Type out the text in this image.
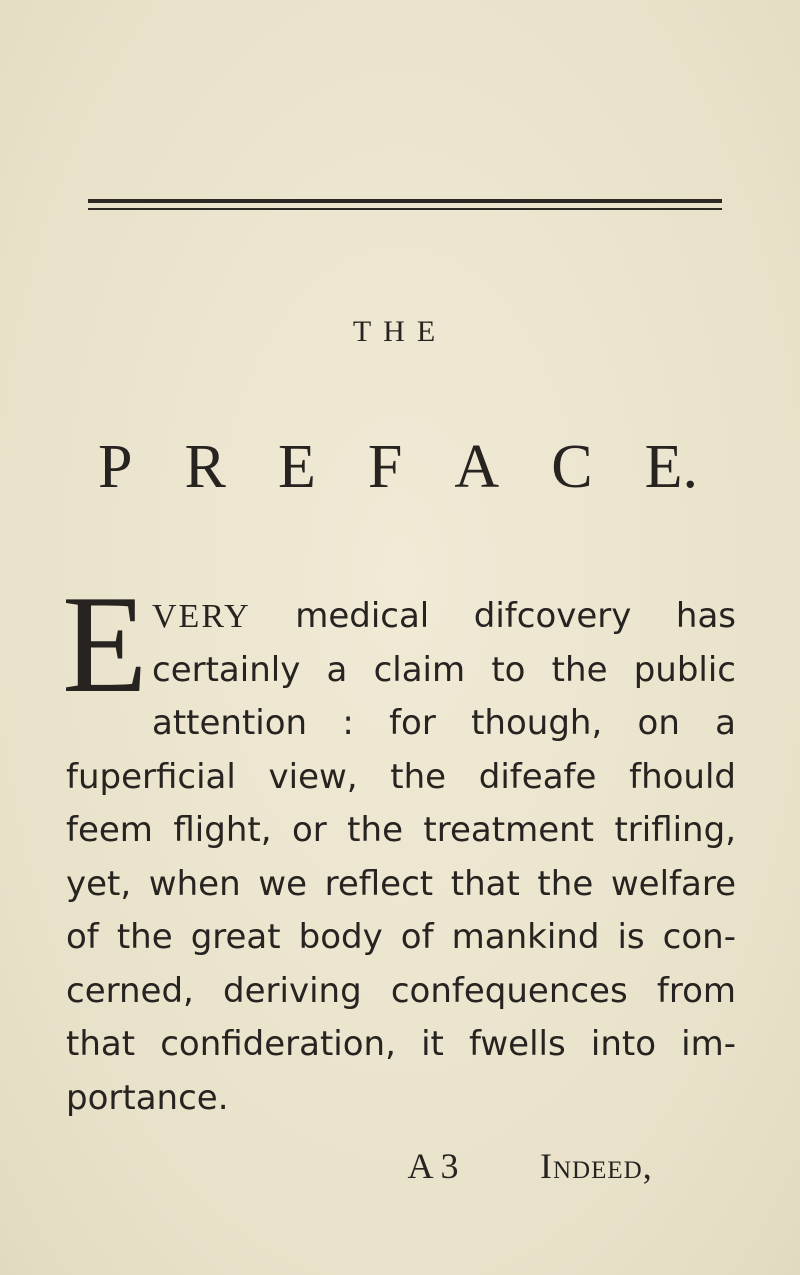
THE
P R E F A C E.
E VERY medical difcovery has
certainly a claim to the public
attention : for though, on a
fuperficial view, the difeafe fhould
feem flight, or the treatment trifling,
yet, when we reflect that the welfare
of the great body of mankind is con-
cerned, deriving confequences from
that confideration, it fwells into im-
portance.
A 3 Indeed,
